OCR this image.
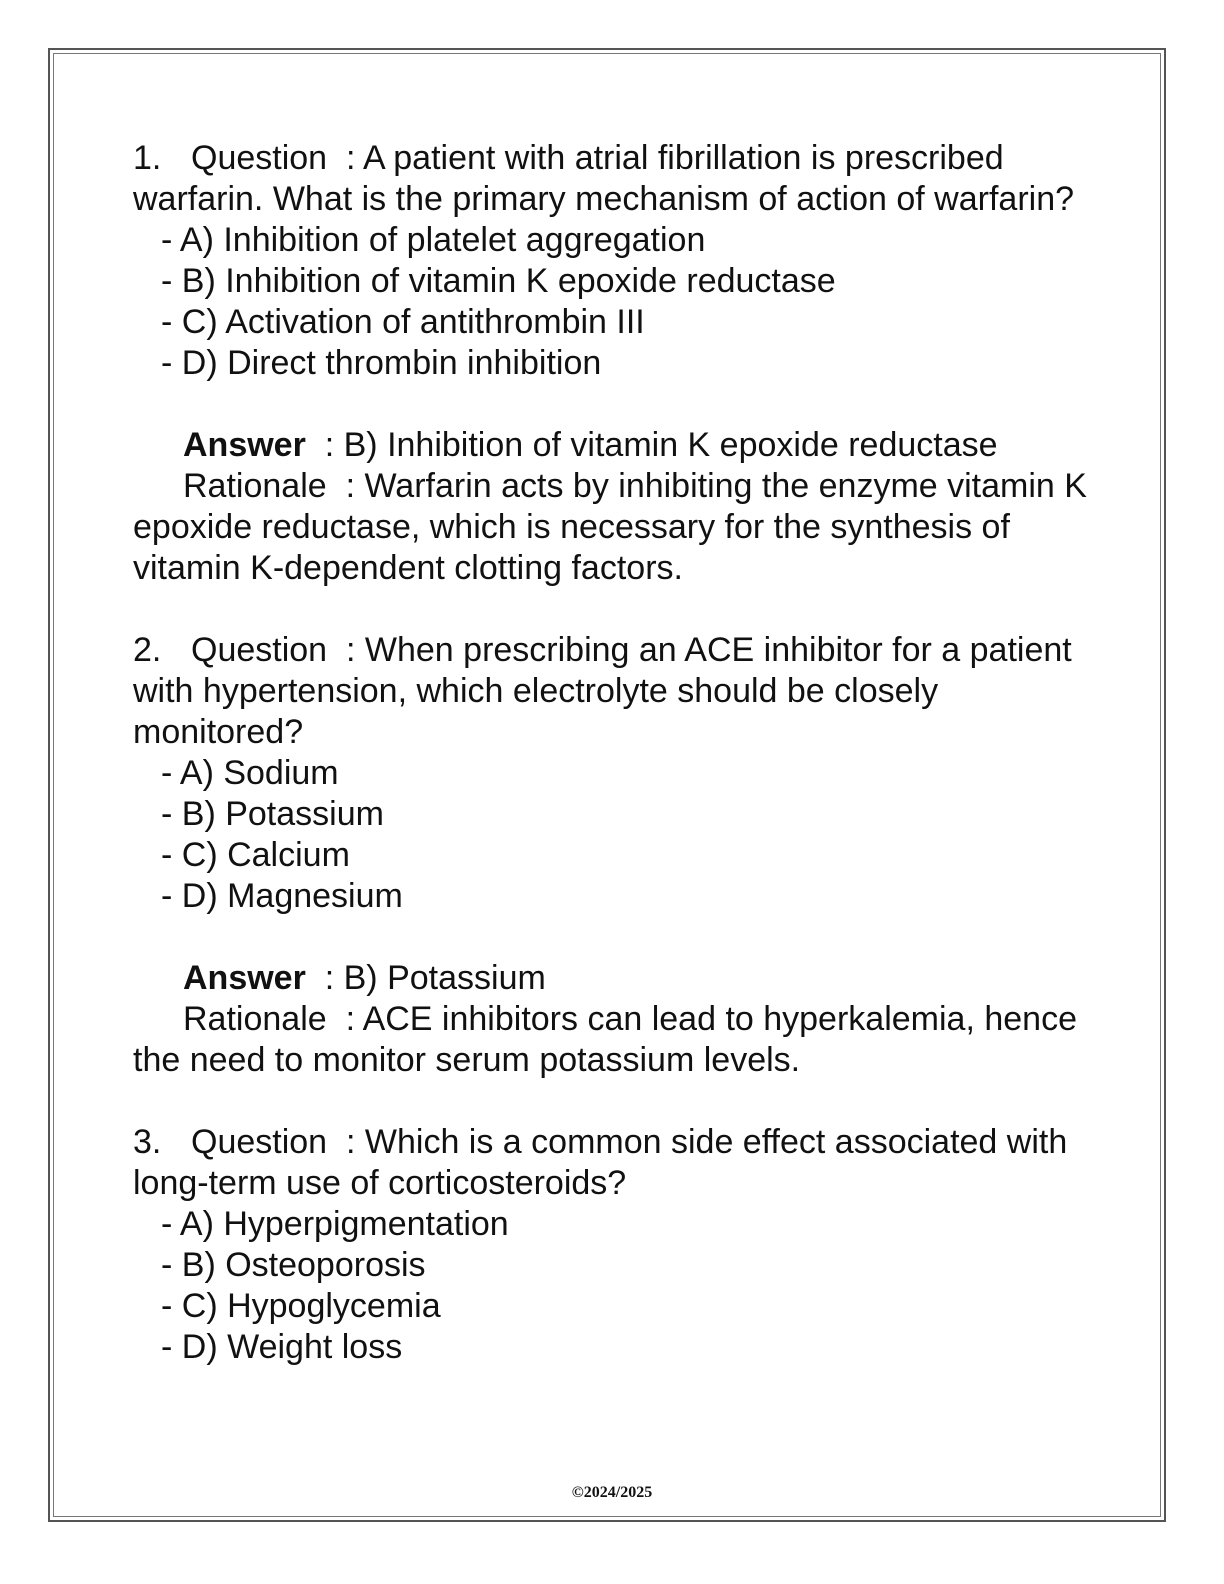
1. Question : A patient with atrial fibrillation is prescribed warfarin. What is the primary mechanism of action of warfarin?

- A) Inhibition of platelet aggregation
- B) Inhibition of vitamin K epoxide reductase
- C) Activation of antithrombin III
- D) Direct thrombin inhibition
Answer : B) Inhibition of vitamin K epoxide reductase
Rationale : Warfarin acts by inhibiting the enzyme vitamin K epoxide reductase, which is necessary for the synthesis of vitamin K-dependent clotting factors.

2. Question : When prescribing an ACE inhibitor for a patient with hypertension, which electrolyte should be closely monitored?

- A) Sodium
- B) Potassium
- C) Calcium
- D) Magnesium
Answer : B) Potassium
Rationale : ACE inhibitors can lead to hyperkalemia, hence the need to monitor serum potassium levels.

3. Question : Which is a common side effect associated with long-term use of corticosteroids?

- A) Hyperpigmentation
- B) Osteoporosis
- C) Hypoglycemia
- D) Weight loss
©2024/2025
